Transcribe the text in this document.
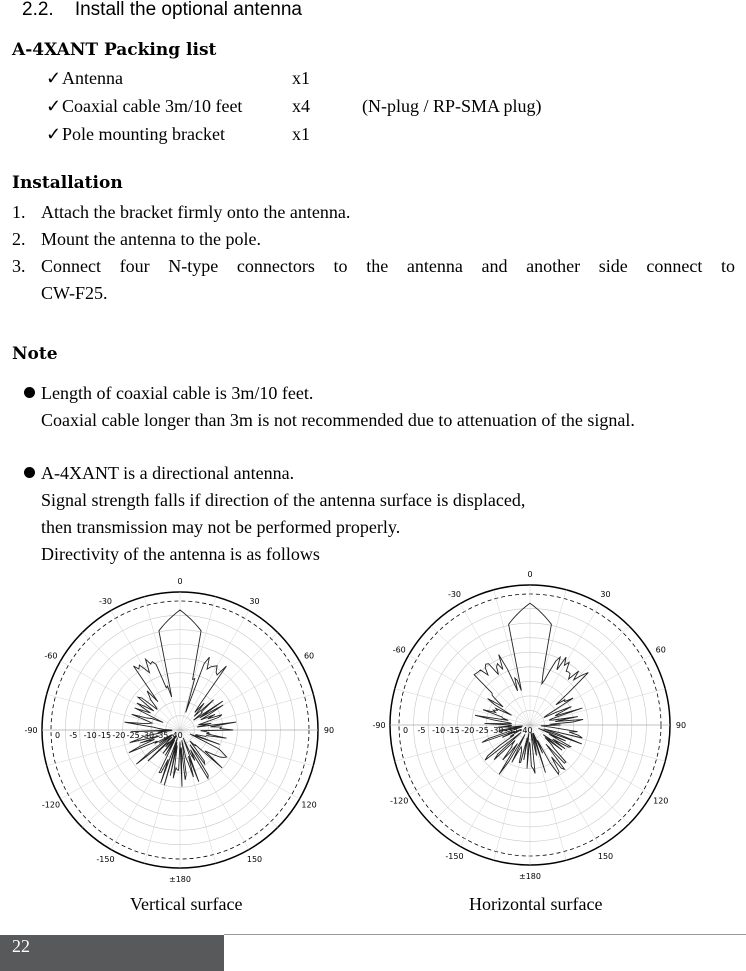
2.2. Install the optional antenna
A-4XANT Packing list
✓Antenna	x1
✓Coaxial cable 3m/10 feet	x4	(N-plug / RP-SMA plug)
✓Pole mounting bracket	x1
Installation
1. Attach the bracket firmly onto the antenna.
2. Mount the antenna to the pole.
3. Connect four N-type connectors to the antenna and another side connect to
CW-F25.
Note
Length of coaxial cable is 3m/10 feet.
Coaxial cable longer than 3m is not recommended due to attenuation of the signal.
A-4XANT is a directional antenna.
Signal strength falls if direction of the antenna surface is displaced,
then transmission may not be performed properly.
Directivity of the antenna is as follows
0
30
60
90
120
150
±180
-150
-120
-90
-60
-30
0 -5 -10 -15 -20 -25 -30 -35 -40
0
30
60
90
120
150
±180
-150
-120
-90
-60
-30
0 -5 -10 -15 -20 -25 -30 -35 -40
Vertical surface	Horizontal surface
22
